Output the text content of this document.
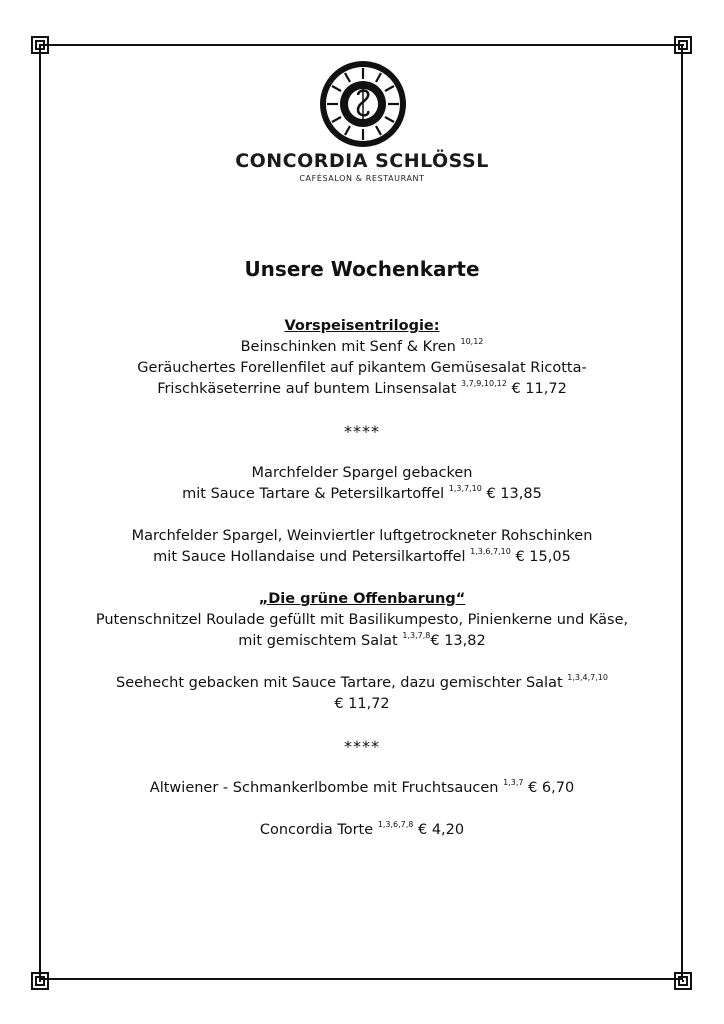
CONCORDIA SCHLÖSSL
CAFÉSALON & RESTAURANT
Unsere Wochenkarte
Vorspeisentrilogie:
Beinschinken mit Senf & Kren $^{10,12}$
Geräuchertes Forellenfilet auf pikantem Gemüsesalat Ricotta-
Frischkäseterrine auf buntem Linsensalat $^{3,7,9,10,12}$ € 11,72
****
Marchfelder Spargel gebacken
mit Sauce Tartare & Petersilkartoffel $^{1,3,7,10}$ € 13,85
Marchfelder Spargel, Weinviertler luftgetrockneter Rohschinken
mit Sauce Hollandaise und Petersilkartoffel $^{1,3,6,7,10}$ € 15,05
„Die grüne Offenbarung“
Putenschnitzel Roulade gefüllt mit Basilikumpesto, Pinienkerne und Käse,
mit gemischtem Salat $^{1,3,7,8}$€ 13,82
Seehecht gebacken mit Sauce Tartare, dazu gemischter Salat $^{1,3,4,7,10}$
€ 11,72
****
Altwiener - Schmankerlbombe mit Fruchtsaucen $^{1,3,7}$ € 6,70
Concordia Torte $^{1,3,6,7,8}$ € 4,20
